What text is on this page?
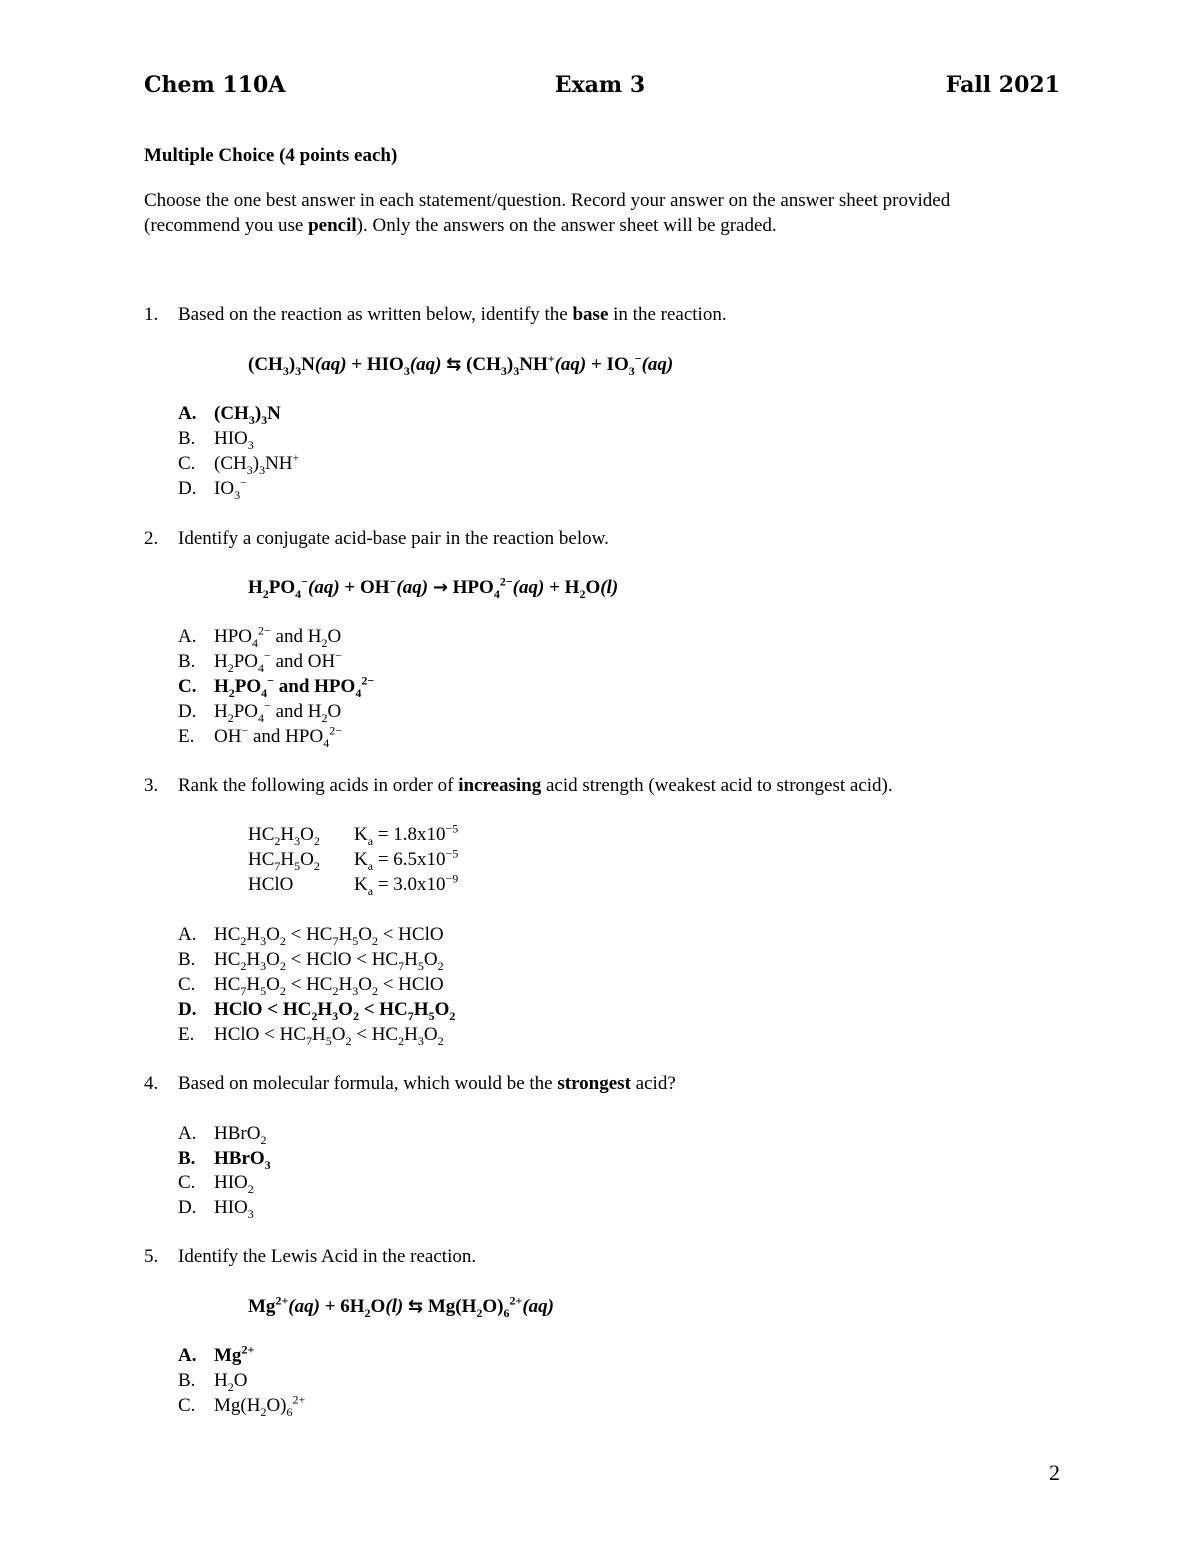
Chem 110A	Exam 3	Fall 2021
Multiple Choice (4 points each)
Choose the one best answer in each statement/question. Record your answer on the answer sheet provided (recommend you use pencil). Only the answers on the answer sheet will be graded.
1. Based on the reaction as written below, identify the base in the reaction.
$(CH_3)_3N(aq) + HIO_3(aq)$ ⇆ $(CH_3)_3NH^+(aq) + IO_3^-(aq)$
A. $(CH_3)_3N$
B. $HIO_3$
C. $(CH_3)_3NH^+$
D. $IO_3^-$
2. Identify a conjugate acid-base pair in the reaction below.
$H_2PO_4^-(aq) + OH^-(aq) \to HPO_4^{2-}(aq) + H_2O(l)$
A. $HPO_4^{2-}$ and $H_2O$
B. $H_2PO_4^-$ and OH−
C. $H_2PO_4^-$ and $HPO_4^{2-}$
D. $H_2PO_4^-$ and $H_2O$
E. OH− and $HPO_4^{2-}$
3. Rank the following acids in order of increasing acid strength (weakest acid to strongest acid).
$HC_2H_3O_2$ $K_a = 1.8x10^{-5}$
$HC_7H_5O_2$ $K_a = 6.5x10^{-5}$
HClO	$K_a = 3.0x10^{-9}$
A. $HC_2H_3O_2 < HC_7H_5O_2$ < HClO
B. $HC_2H_3O_2$ < HClO < $HC_7H_5O_2$
C. $HC_7H_5O_2 < HC_2H_3O_2$ < HClO
D. HClO < $HC_2H_3O_2 < HC_7H_5O_2$
E. HClO < $HC_7H_5O_2 < HC_2H_3O_2$
4. Based on molecular formula, which would be the strongest acid?
A. HBrO$_2$
B. HBrO$_3$
C. $HIO_2$
D. $HIO_3$
5. Identify the Lewis Acid in the reaction.
$Mg^{2+}(aq) + 6H_2O(l)$ ⇆ $Mg(H_2O)_6^{2+}(aq)$
A. $Mg^{2+}$
B. $H_2O$
C. $Mg(H_2O)_6^{2+}$
2
